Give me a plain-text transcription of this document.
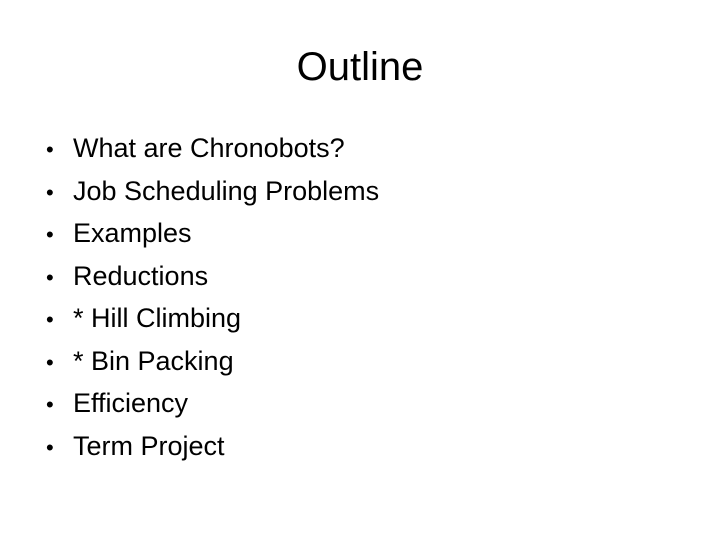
Outline
• What are Chronobots?
• Job Scheduling Problems
• Examples
• Reductions
• * Hill Climbing
• * Bin Packing
• Efficiency
• Term Project
